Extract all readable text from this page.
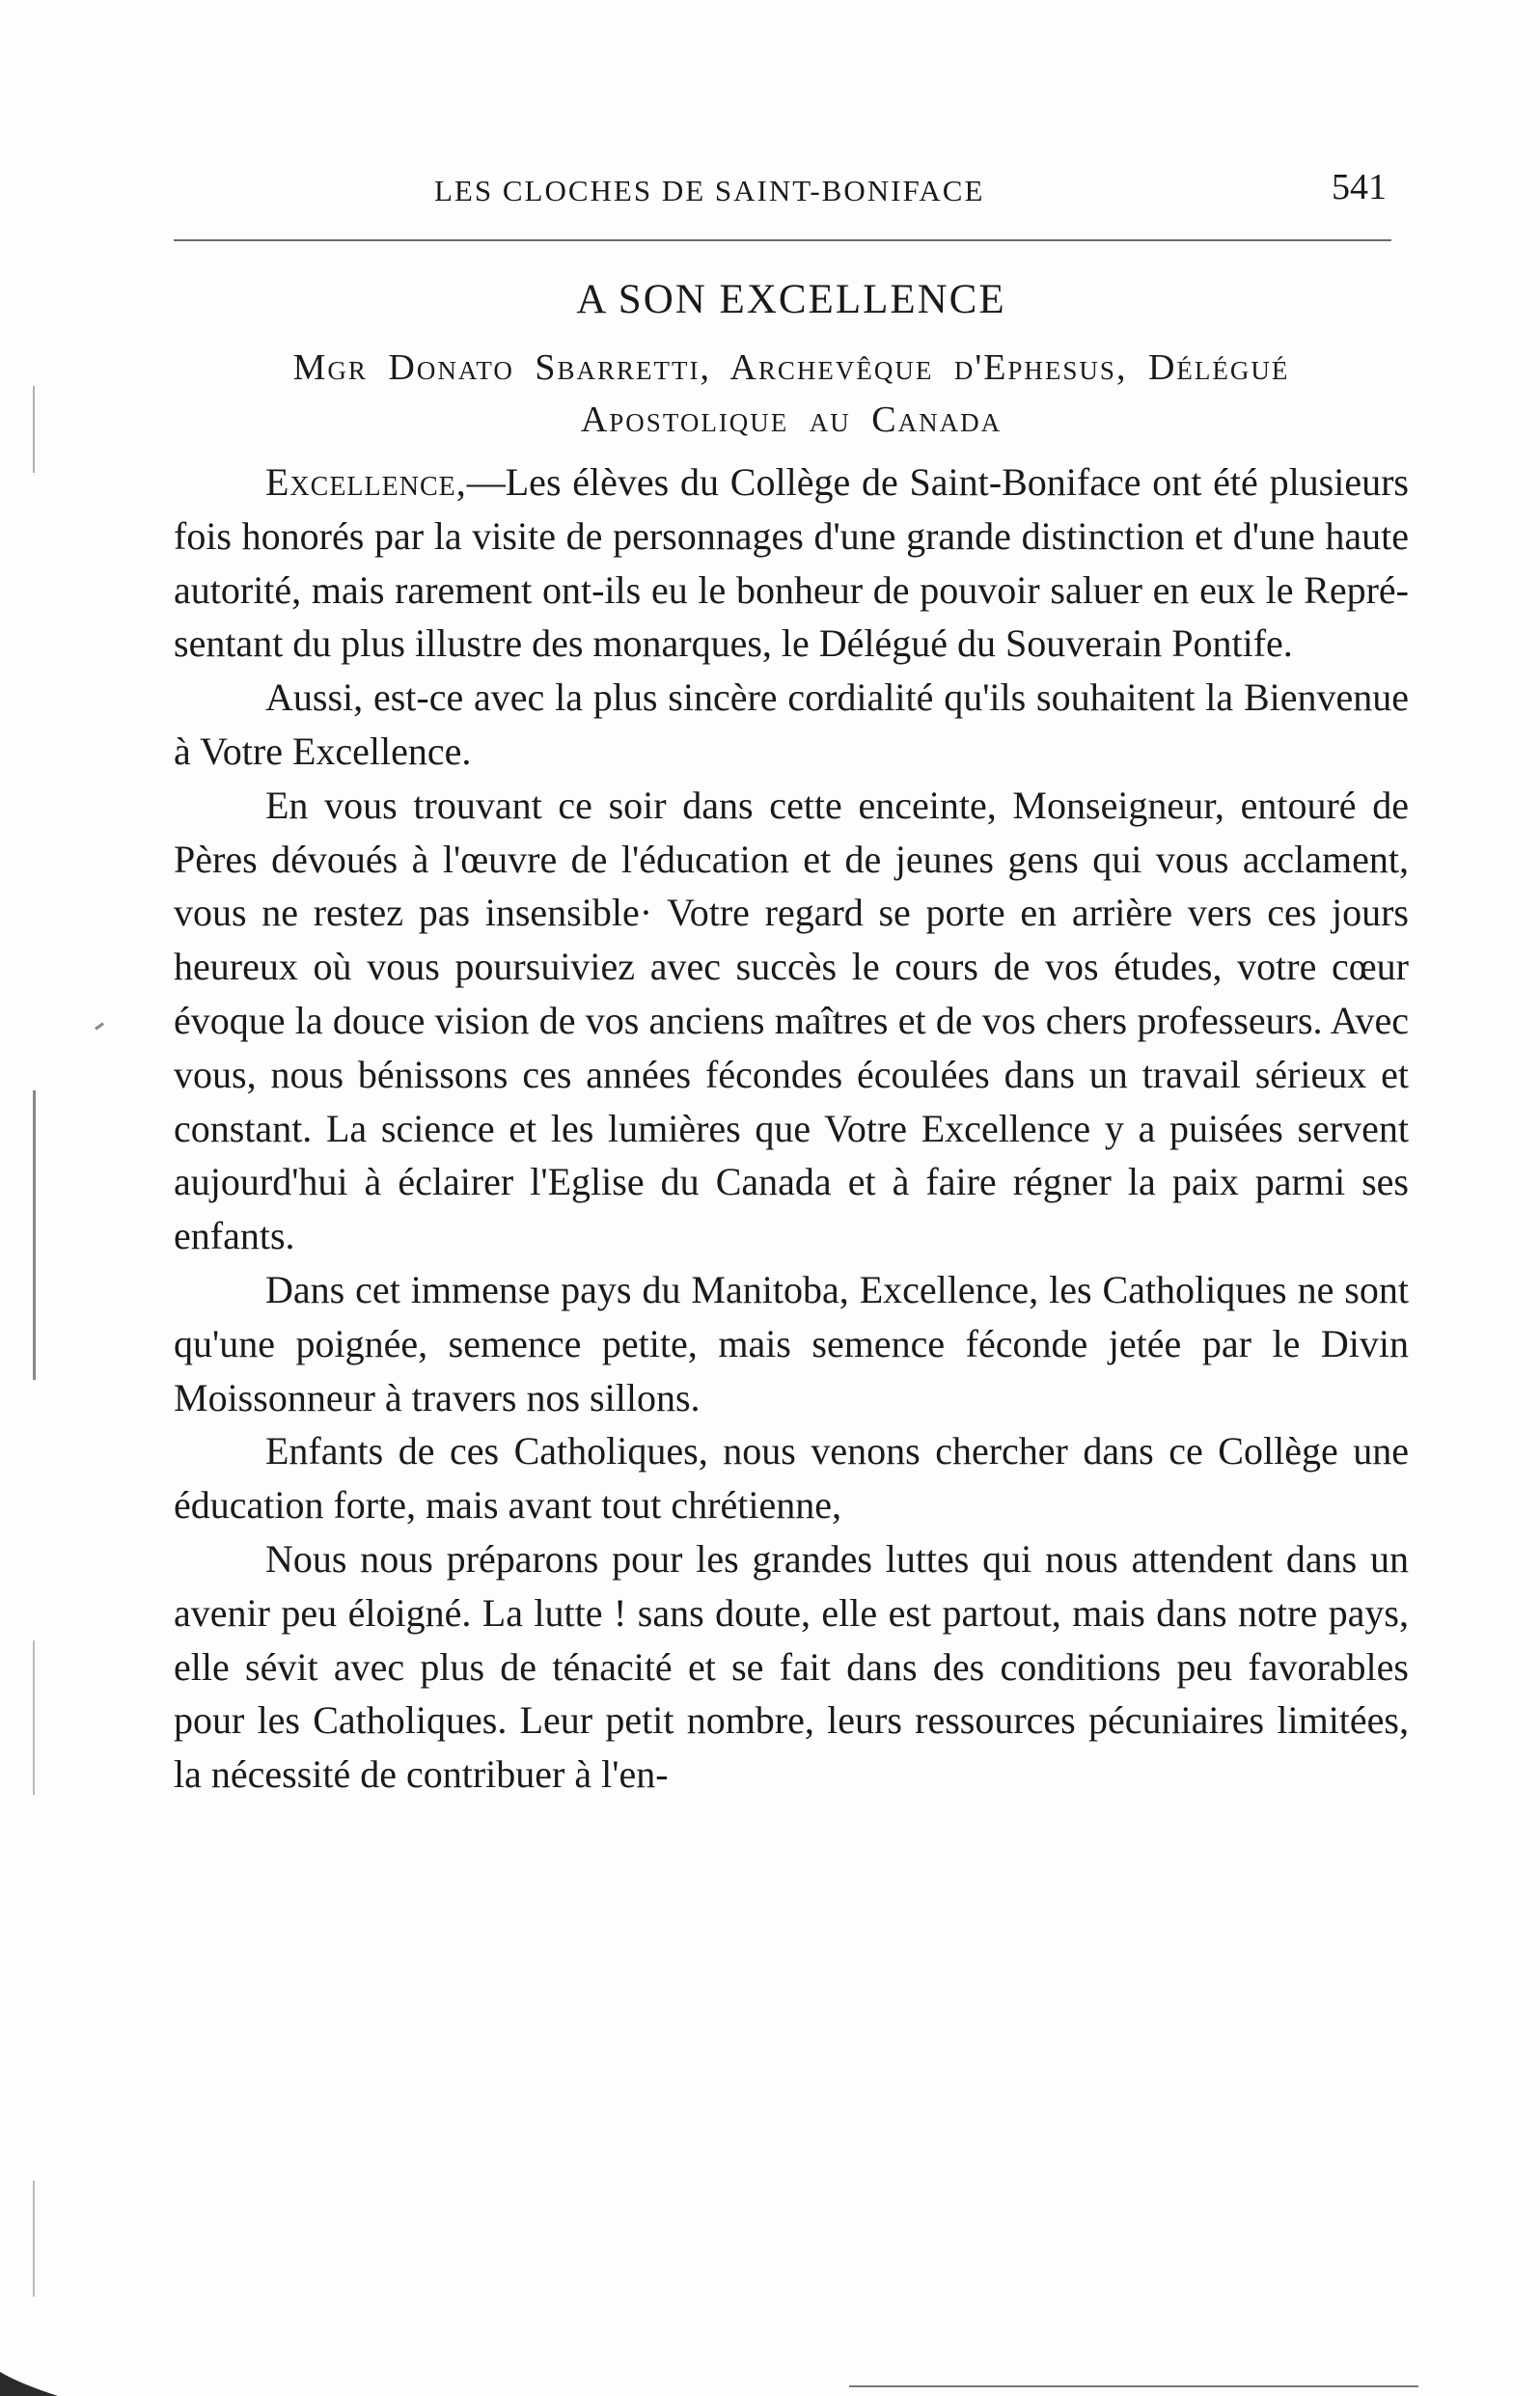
LES CLOCHES DE SAINT-BONIFACE	541
A SON EXCELLENCE
Mgr Donato Sbarretti, Archevêque d'Ephesus, Délégué
Apostolique au Canada

Excellence,—Les élèves du Collège de Saint-Boniface ont été plusieurs fois honorés par la visite de personnages d'une grande distinction et d'une haute autorité, mais rarement ont-ils eu le bonheur de pouvoir saluer en eux le Représentant du plus illustre des monarques, le Délégué du Souverain Pontife.

Aussi, est-ce avec la plus sincère cordialité qu'ils souhaitent la Bienvenue à Votre Excellence.

En vous trouvant ce soir dans cette enceinte, Monseigneur, entouré de Pères dévoués à l'œuvre de l'éducation et de jeunes gens qui vous acclament, vous ne restez pas insensible· Votre regard se porte en arrière vers ces jours heureux où vous poursuiviez avec succès le cours de vos études, votre cœur évoque la douce vision de vos anciens maîtres et de vos chers professeurs. Avec vous, nous bénissons ces années fécondes écoulées dans un travail sérieux et constant. La science et les lumières que Votre Excellence y a puisées servent aujourd'hui à éclairer l'Eglise du Canada et à faire régner la paix parmi ses enfants.

Dans cet immense pays du Manitoba, Excellence, les Catholiques ne sont qu'une poignée, semence petite, mais semence féconde jetée par le Divin Moissonneur à travers nos sillons.

Enfants de ces Catholiques, nous venons chercher dans ce Collège une éducation forte, mais avant tout chrétienne,

Nous nous préparons pour les grandes luttes qui nous attendent dans un avenir peu éloigné. La lutte ! sans doute, elle est partout, mais dans notre pays, elle sévit avec plus de ténacité et se fait dans des conditions peu favorables pour les Catholiques. Leur petit nombre, leurs ressources pécuniaires limitées, la nécessité de contribuer à l'en-
